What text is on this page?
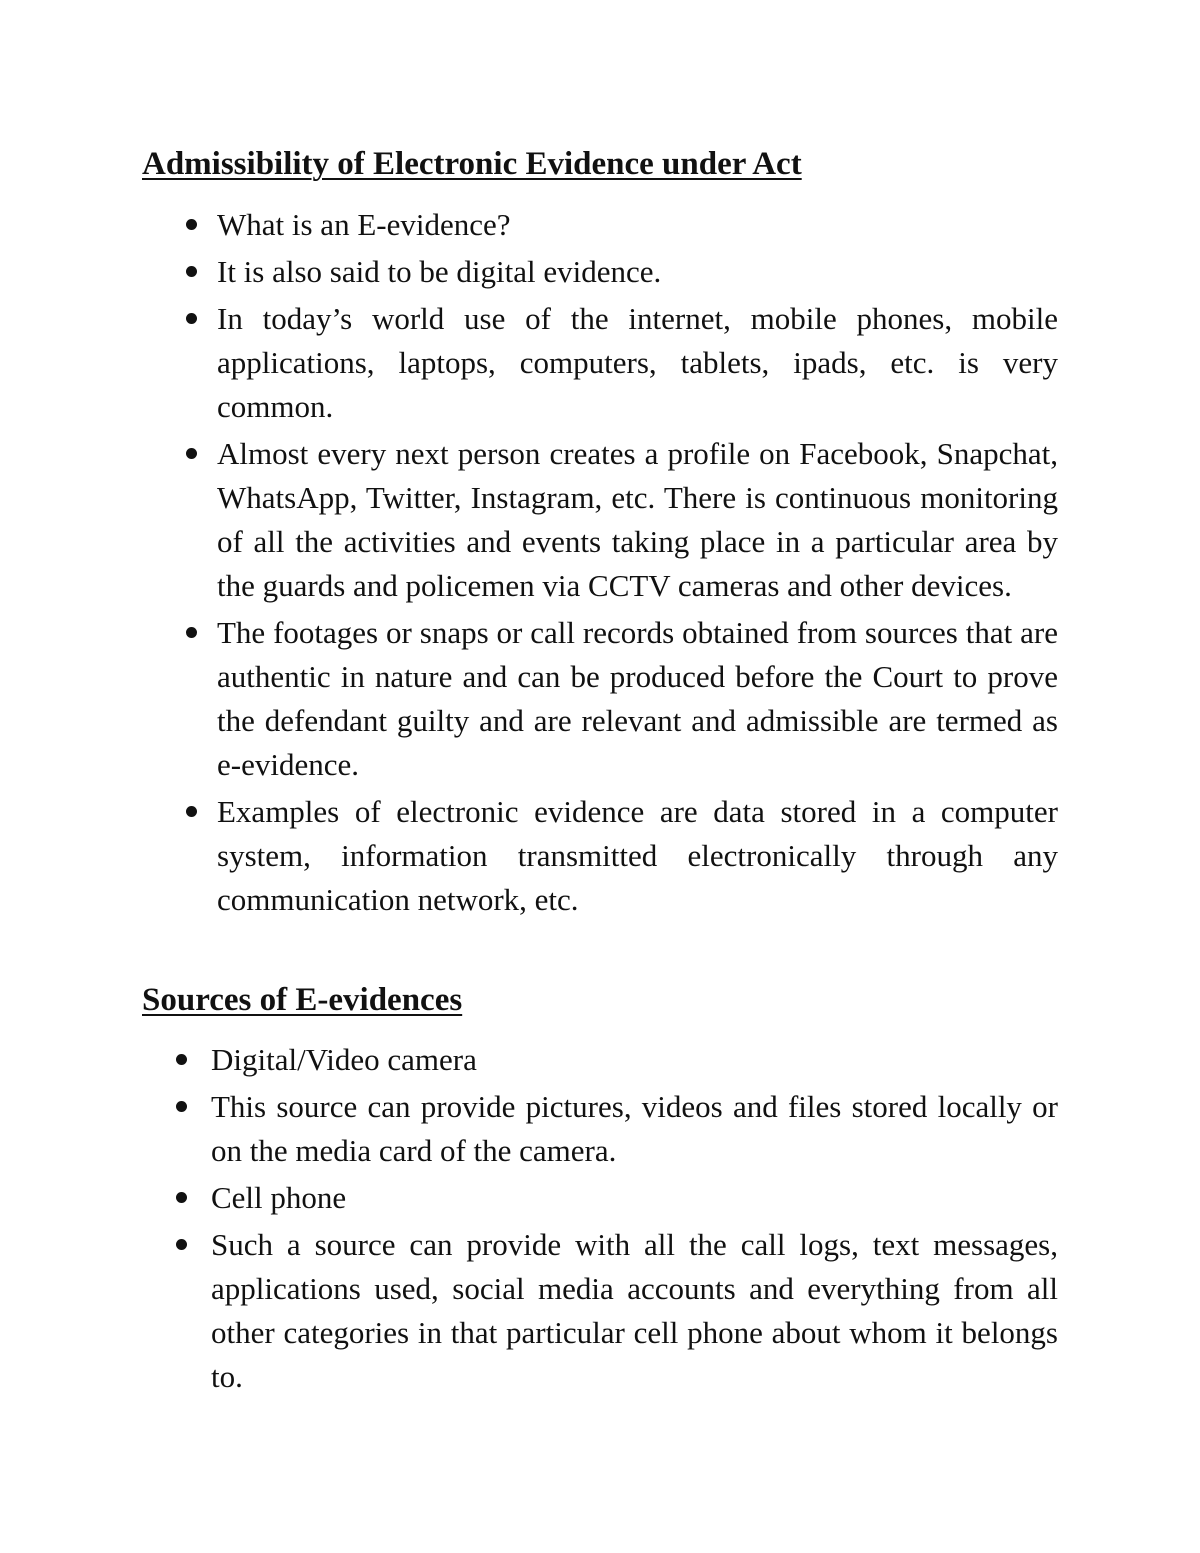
Admissibility of Electronic Evidence under Act
What is an E-evidence?
It is also said to be digital evidence.
In today’s world use of the internet, mobile phones, mobile applications, laptops, computers, tablets, ipads, etc. is very common.
Almost every next person creates a profile on Facebook, Snapchat, WhatsApp, Twitter, Instagram, etc. There is continuous monitoring of all the activities and events taking place in a particular area by the guards and policemen via CCTV cameras and other devices.
The footages or snaps or call records obtained from sources that are authentic in nature and can be produced before the Court to prove the defendant guilty and are relevant and admissible are termed as e-evidence.
Examples of electronic evidence are data stored in a computer system, information transmitted electronically through any communication network, etc.
Sources of E-evidences
Digital/Video camera
This source can provide pictures, videos and files stored locally or on the media card of the camera.
Cell phone
Such a source can provide with all the call logs, text messages, applications used, social media accounts and everything from all other categories in that particular cell phone about whom it belongs to.
